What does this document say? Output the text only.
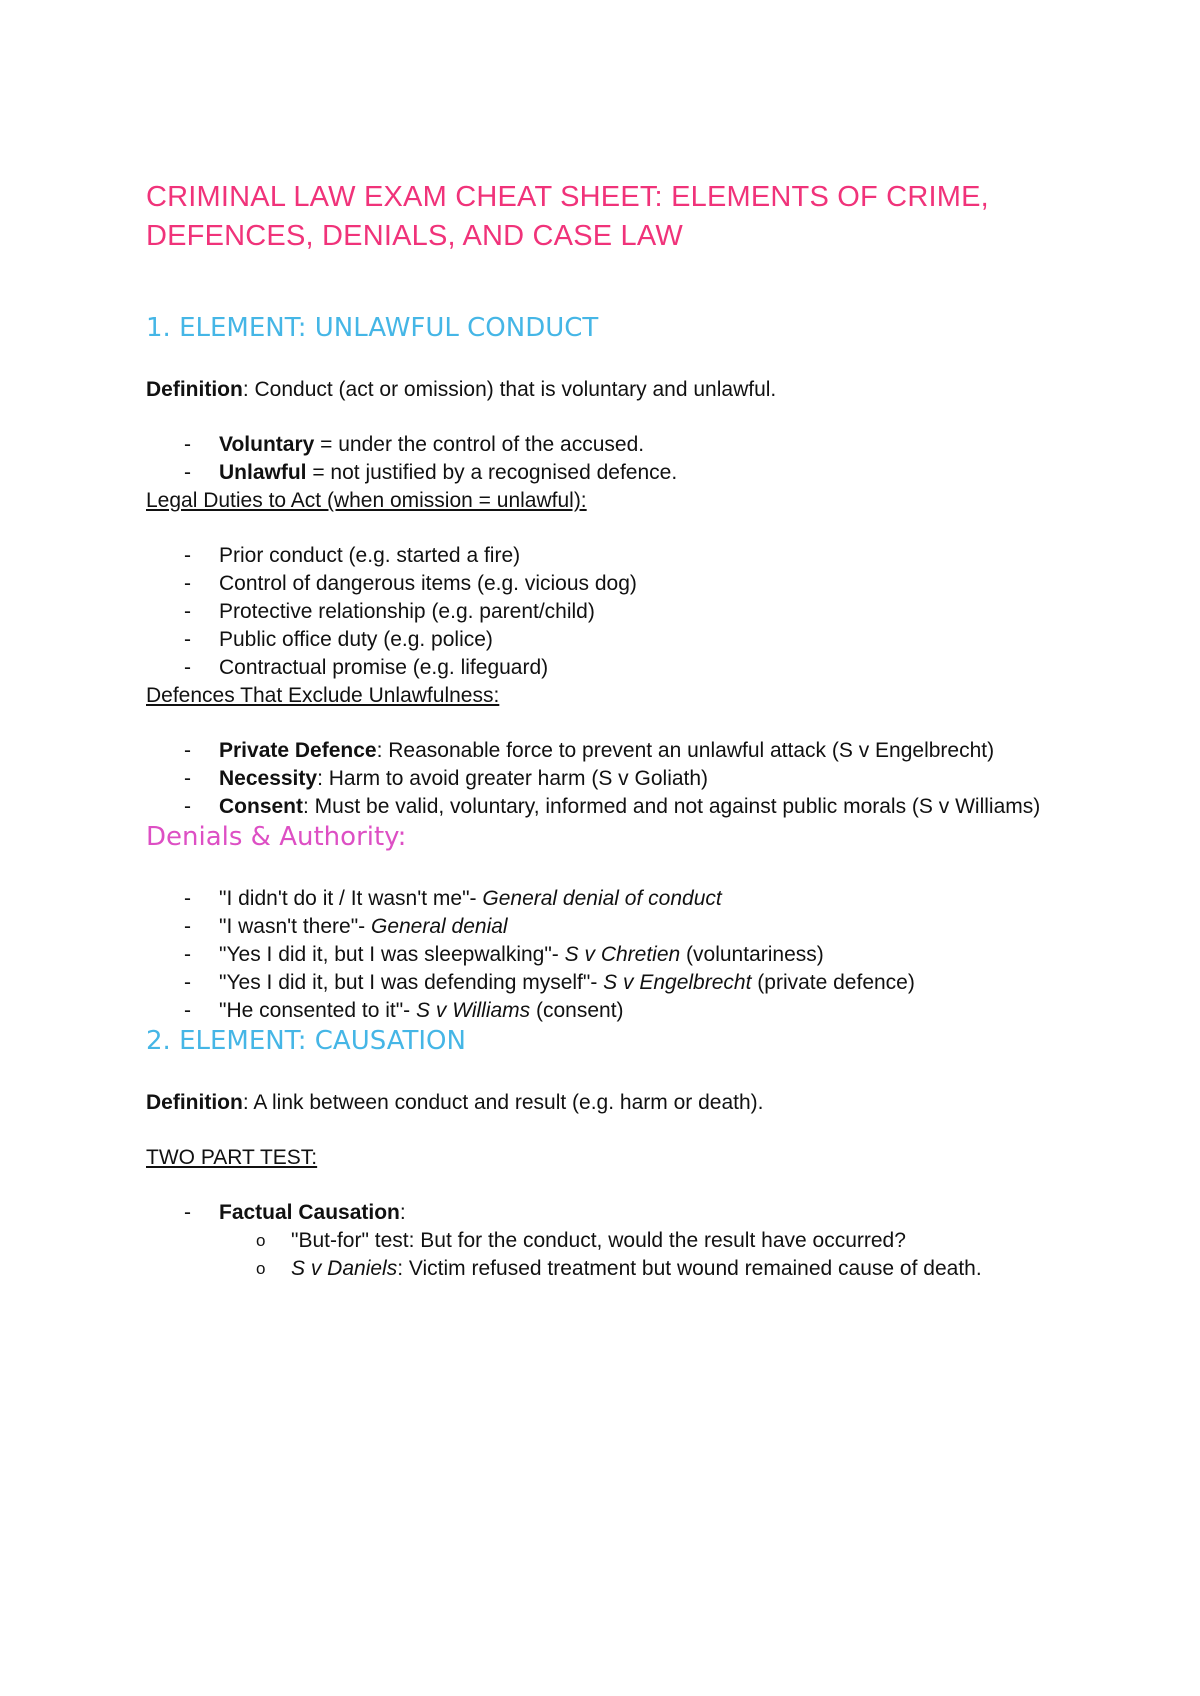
CRIMINAL LAW EXAM CHEAT SHEET: ELEMENTS OF CRIME, DEFENCES, DENIALS, AND CASE LAW
1. ELEMENT: UNLAWFUL CONDUCT

Definition: Conduct (act or omission) that is voluntary and unlawful.

-	Voluntary = under the control of the accused.
-	Unlawful = not justified by a recognised defence.

Legal Duties to Act (when omission = unlawful):

-	Prior conduct (e.g. started a fire)
-	Control of dangerous items (e.g. vicious dog)
-	Protective relationship (e.g. parent/child)
-	Public office duty (e.g. police)
-	Contractual promise (e.g. lifeguard)

Defences That Exclude Unlawfulness:

-	Private Defence: Reasonable force to prevent an unlawful attack (S v Engelbrecht)
-	Necessity: Harm to avoid greater harm (S v Goliath)
-	Consent: Must be valid, voluntary, informed and not against public morals (S v Williams)
Denials & Authority:
-	"I didn't do it / It wasn't me"- General denial of conduct
-	"I wasn't there"- General denial
-	"Yes I did it, but I was sleepwalking"- S v Chretien (voluntariness)
-	"Yes I did it, but I was defending myself"- S v Engelbrecht (private defence)
-	"He consented to it"- S v Williams (consent)
2. ELEMENT: CAUSATION

Definition: A link between conduct and result (e.g. harm or death).

TWO PART TEST:

-	Factual Causation:
o	"But-for" test: But for the conduct, would the result have occurred?
o	S v Daniels: Victim refused treatment but wound remained cause of death.
